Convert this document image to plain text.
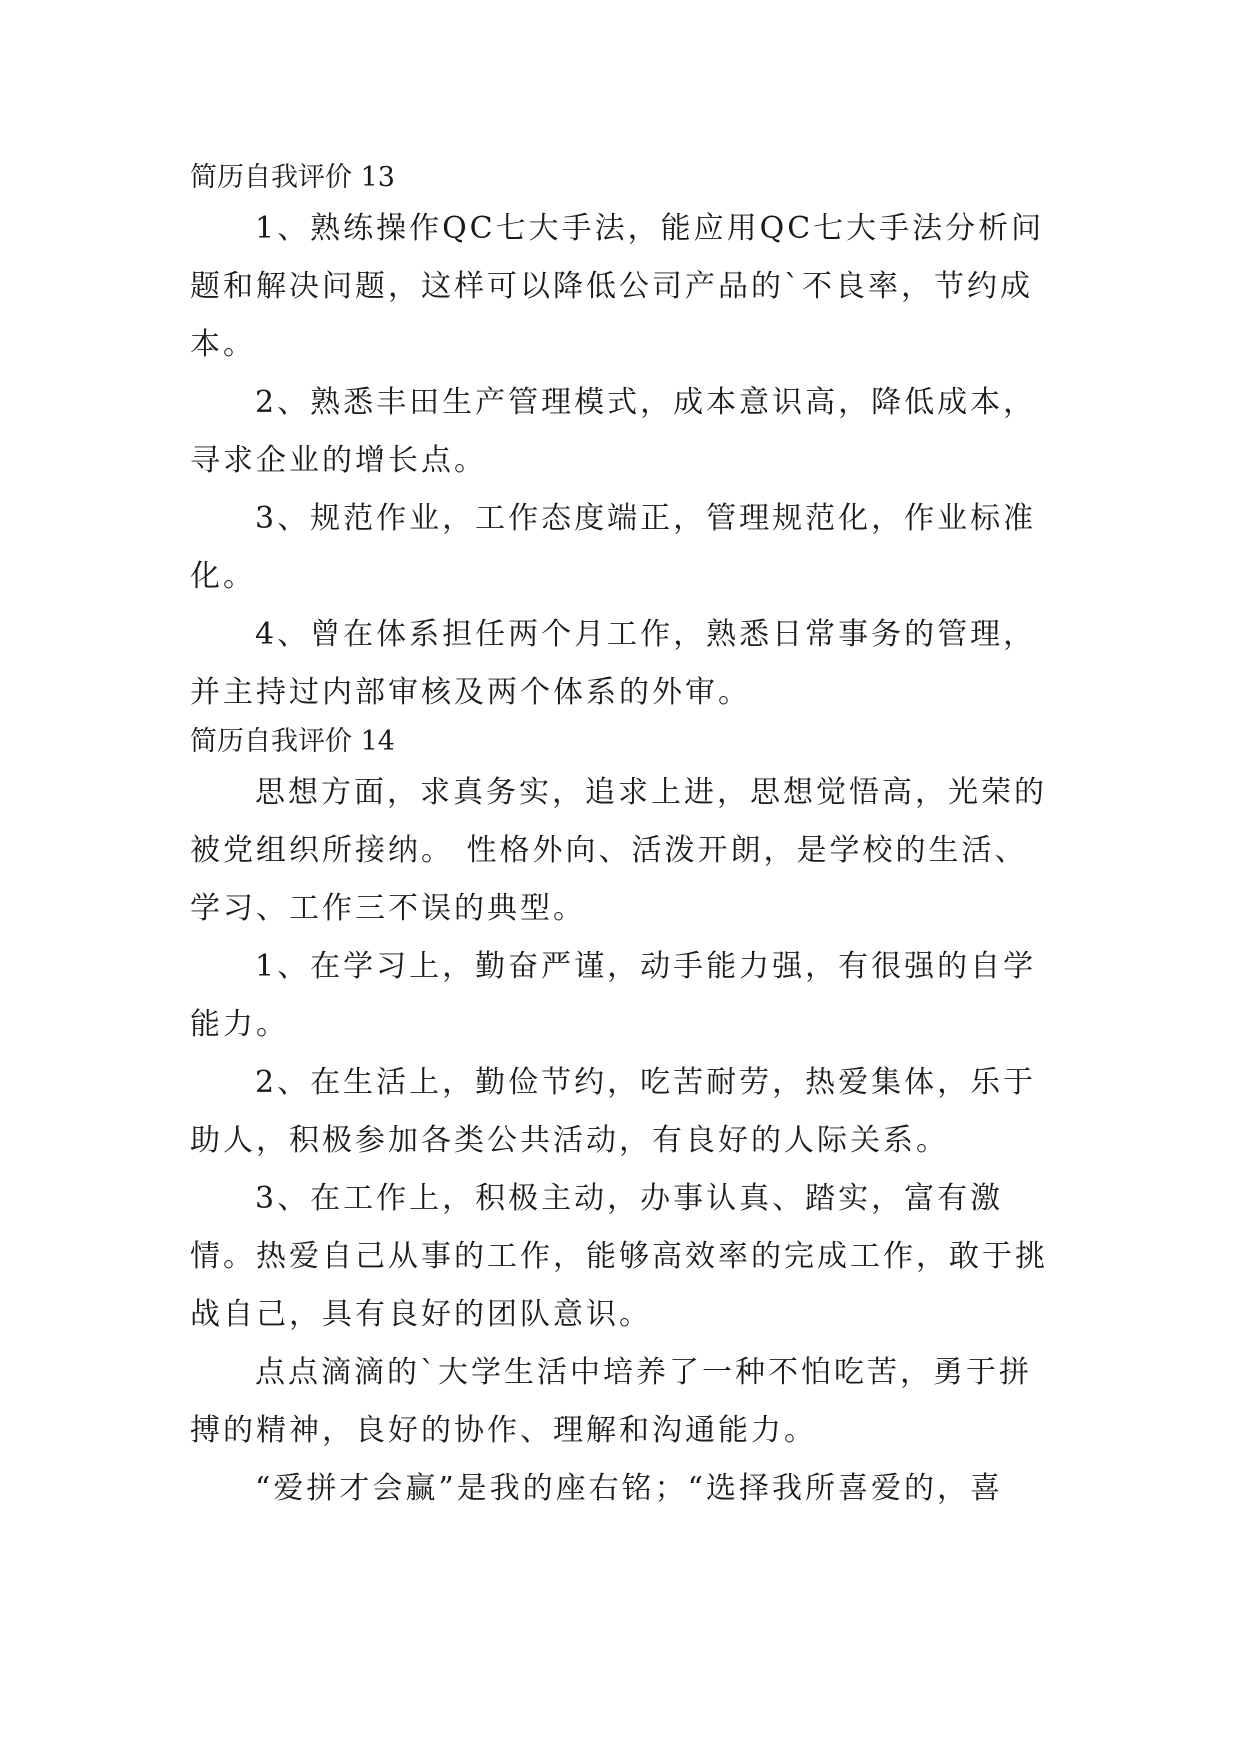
简历自我评价 13

1、熟练操作QC七大手法，能应用QC七大手法分析问题和解决问题，这样可以降低公司产品的`不良率，节约成本。

2、熟悉丰田生产管理模式，成本意识高，降低成本，寻求企业的增长点。

3、规范作业，工作态度端正，管理规范化，作业标准化。

4、曾在体系担任两个月工作，熟悉日常事务的管理，并主持过内部审核及两个体系的外审。

简历自我评价 14

思想方面，求真务实，追求上进，思想觉悟高，光荣的被党组织所接纳。 性格外向、活泼开朗，是学校的生活、学习、工作三不误的典型。

1、在学习上，勤奋严谨，动手能力强，有很强的自学能力。

2、在生活上，勤俭节约，吃苦耐劳，热爱集体，乐于助人，积极参加各类公共活动，有良好的人际关系。

3、在工作上，积极主动，办事认真、踏实，富有激情。热爱自己从事的工作，能够高效率的完成工作，敢于挑战自己，具有良好的团队意识。

点点滴滴的`大学生活中培养了一种不怕吃苦，勇于拼搏的精神，良好的协作、理解和沟通能力。

“爱拼才会赢”是我的座右铭；“选择我所喜爱的，喜
